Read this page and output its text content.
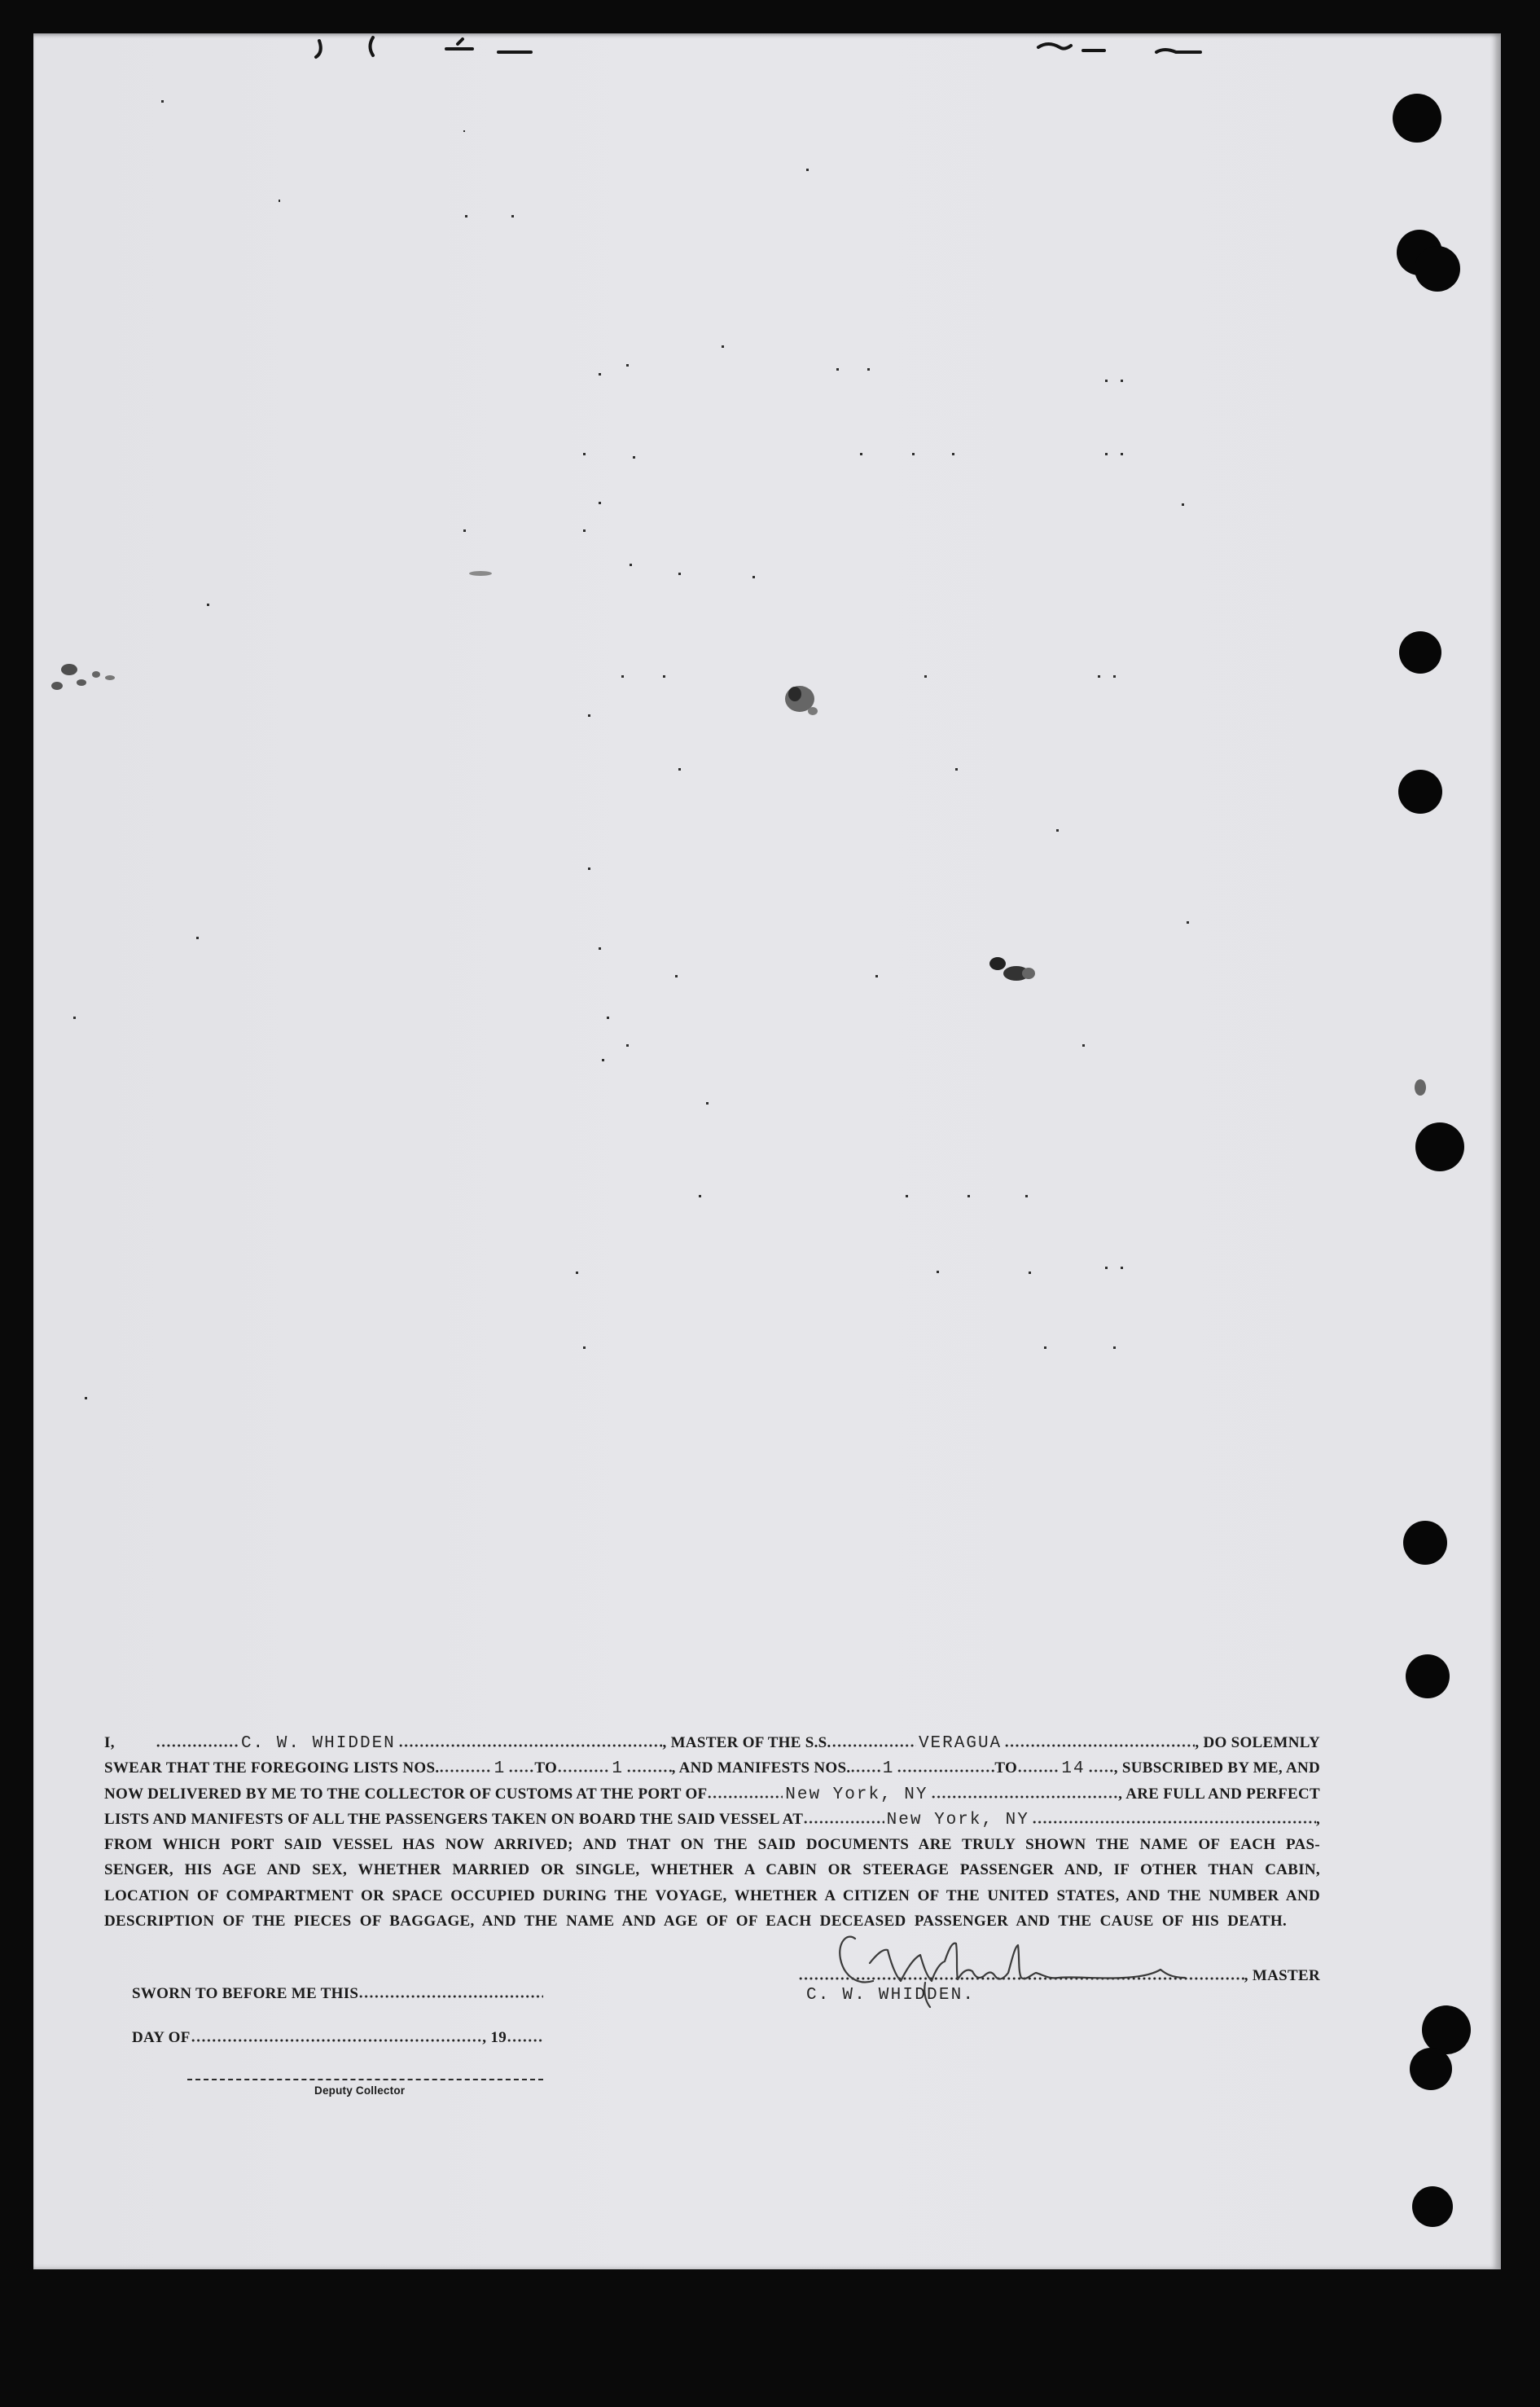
I,	C. W. WHIDDEN	, MASTER OF THE S.S.	VERAGUA	, DO SOLEMNLY
SWEAR THAT THE FOREGOING LISTS NOS.	1 TO	1	, AND MANIFESTS NOS. 1	TO	14 , SUBSCRIBED BY ME, AND
NOW DELIVERED BY ME TO THE COLLECTOR OF CUSTOMS AT THE PORT OF	New York, NY	, ARE FULL AND PERFECT
LISTS AND MANIFESTS OF ALL THE PASSENGERS TAKEN ON BOARD THE SAID VESSEL AT	New York, NY	,
FROM WHICH PORT SAID VESSEL HAS NOW ARRIVED; AND THAT ON THE SAID DOCUMENTS ARE TRULY SHOWN THE NAME OF EACH PAS-
SENGER, HIS AGE AND SEX, WHETHER MARRIED OR SINGLE, WHETHER A CABIN OR STEERAGE PASSENGER AND, IF OTHER THAN CABIN,
LOCATION OF COMPARTMENT OR SPACE OCCUPIED DURING THE VOYAGE, WHETHER A CITIZEN OF THE UNITED STATES, AND THE NUMBER AND
DESCRIPTION OF THE PIECES OF BAGGAGE, AND THE NAME AND AGE OF OF EACH DECEASED PASSENGER AND THE CAUSE OF HIS DEATH.
SWORN TO BEFORE ME THIS
DAY OF	, 19
Deputy Collector
, MASTER
C. W. WHIDDEN.
